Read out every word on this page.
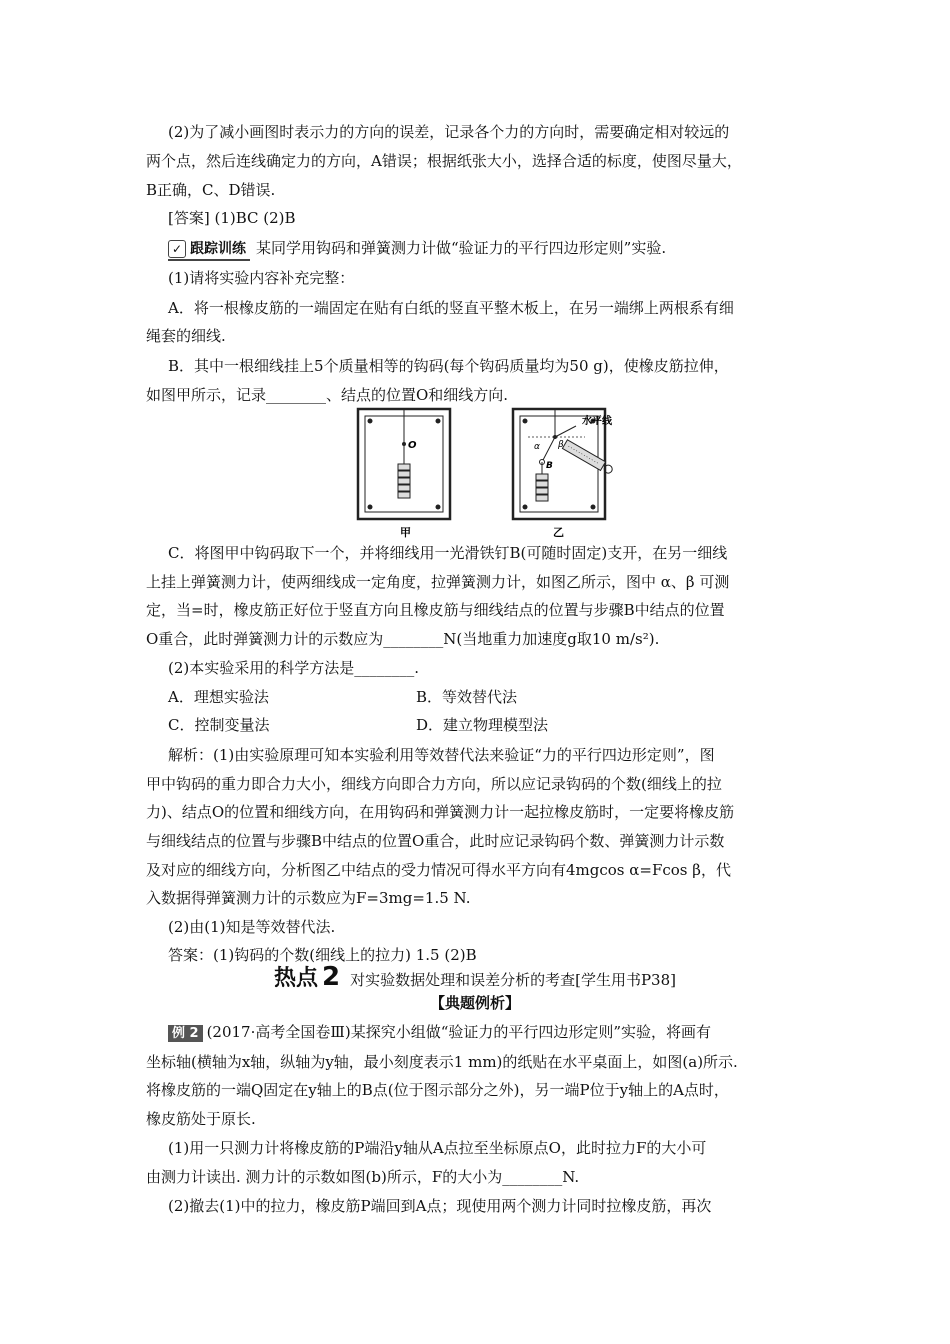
(2)为了减小画图时表示力的方向的误差，记录各个力的方向时，需要确定相对较远的
两个点，然后连线确定力的方向，A错误；根据纸张大小，选择合适的标度，使图尽量大，
B正确，C、D错误.
[答案] (1)BC (2)B
✓ 跟踪训练 某同学用钩码和弹簧测力计做“验证力的平行四边形定则”实验.
(1)请将实验内容补充完整：
A．将一根橡皮筋的一端固定在贴有白纸的竖直平整木板上，在另一端绑上两根系有细
绳套的细线.
B．其中一根细线挂上5个质量相等的钩码(每个钩码质量均为50 g)，使橡皮筋拉伸，
如图甲所示，记录________、结点的位置O和细线方向.
O
甲
α β
B
水平线
乙
C．将图甲中钩码取下一个，并将细线用一光滑铁钉B(可随时固定)支开，在另一细线
上挂上弹簧测力计，使两细线成一定角度，拉弹簧测力计，如图乙所示，图中 α、β 可测
定，当=时，橡皮筋正好位于竖直方向且橡皮筋与细线结点的位置与步骤B中结点的位置
O重合，此时弹簧测力计的示数应为________N(当地重力加速度g取10 m/s²).
(2)本实验采用的科学方法是________.
A．理想实验法	B．等效替代法
C．控制变量法	D．建立物理模型法
解析：(1)由实验原理可知本实验利用等效替代法来验证“力的平行四边形定则”，图
甲中钩码的重力即合力大小，细线方向即合力方向，所以应记录钩码的个数(细线上的拉
力)、结点O的位置和细线方向，在用钩码和弹簧测力计一起拉橡皮筋时，一定要将橡皮筋
与细线结点的位置与步骤B中结点的位置O重合，此时应记录钩码个数、弹簧测力计示数
及对应的细线方向，分析图乙中结点的受力情况可得水平方向有4mgcos α=Fcos β，代
入数据得弹簧测力计的示数应为F=3mg=1.5 N.
(2)由(1)知是等效替代法.
答案：(1)钩码的个数(细线上的拉力) 1.5 (2)B
热点 2 对实验数据处理和误差分析的考查[学生用书P38]
【典题例析】
例 2 (2017·高考全国卷Ⅲ)某探究小组做“验证力的平行四边形定则”实验，将画有
坐标轴(横轴为x轴，纵轴为y轴，最小刻度表示1 mm)的纸贴在水平桌面上，如图(a)所示.
将橡皮筋的一端Q固定在y轴上的B点(位于图示部分之外)，另一端P位于y轴上的A点时，
橡皮筋处于原长.
(1)用一只测力计将橡皮筋的P端沿y轴从A点拉至坐标原点O，此时拉力F的大小可
由测力计读出. 测力计的示数如图(b)所示，F的大小为________N.
(2)撤去(1)中的拉力，橡皮筋P端回到A点；现使用两个测力计同时拉橡皮筋，再次
